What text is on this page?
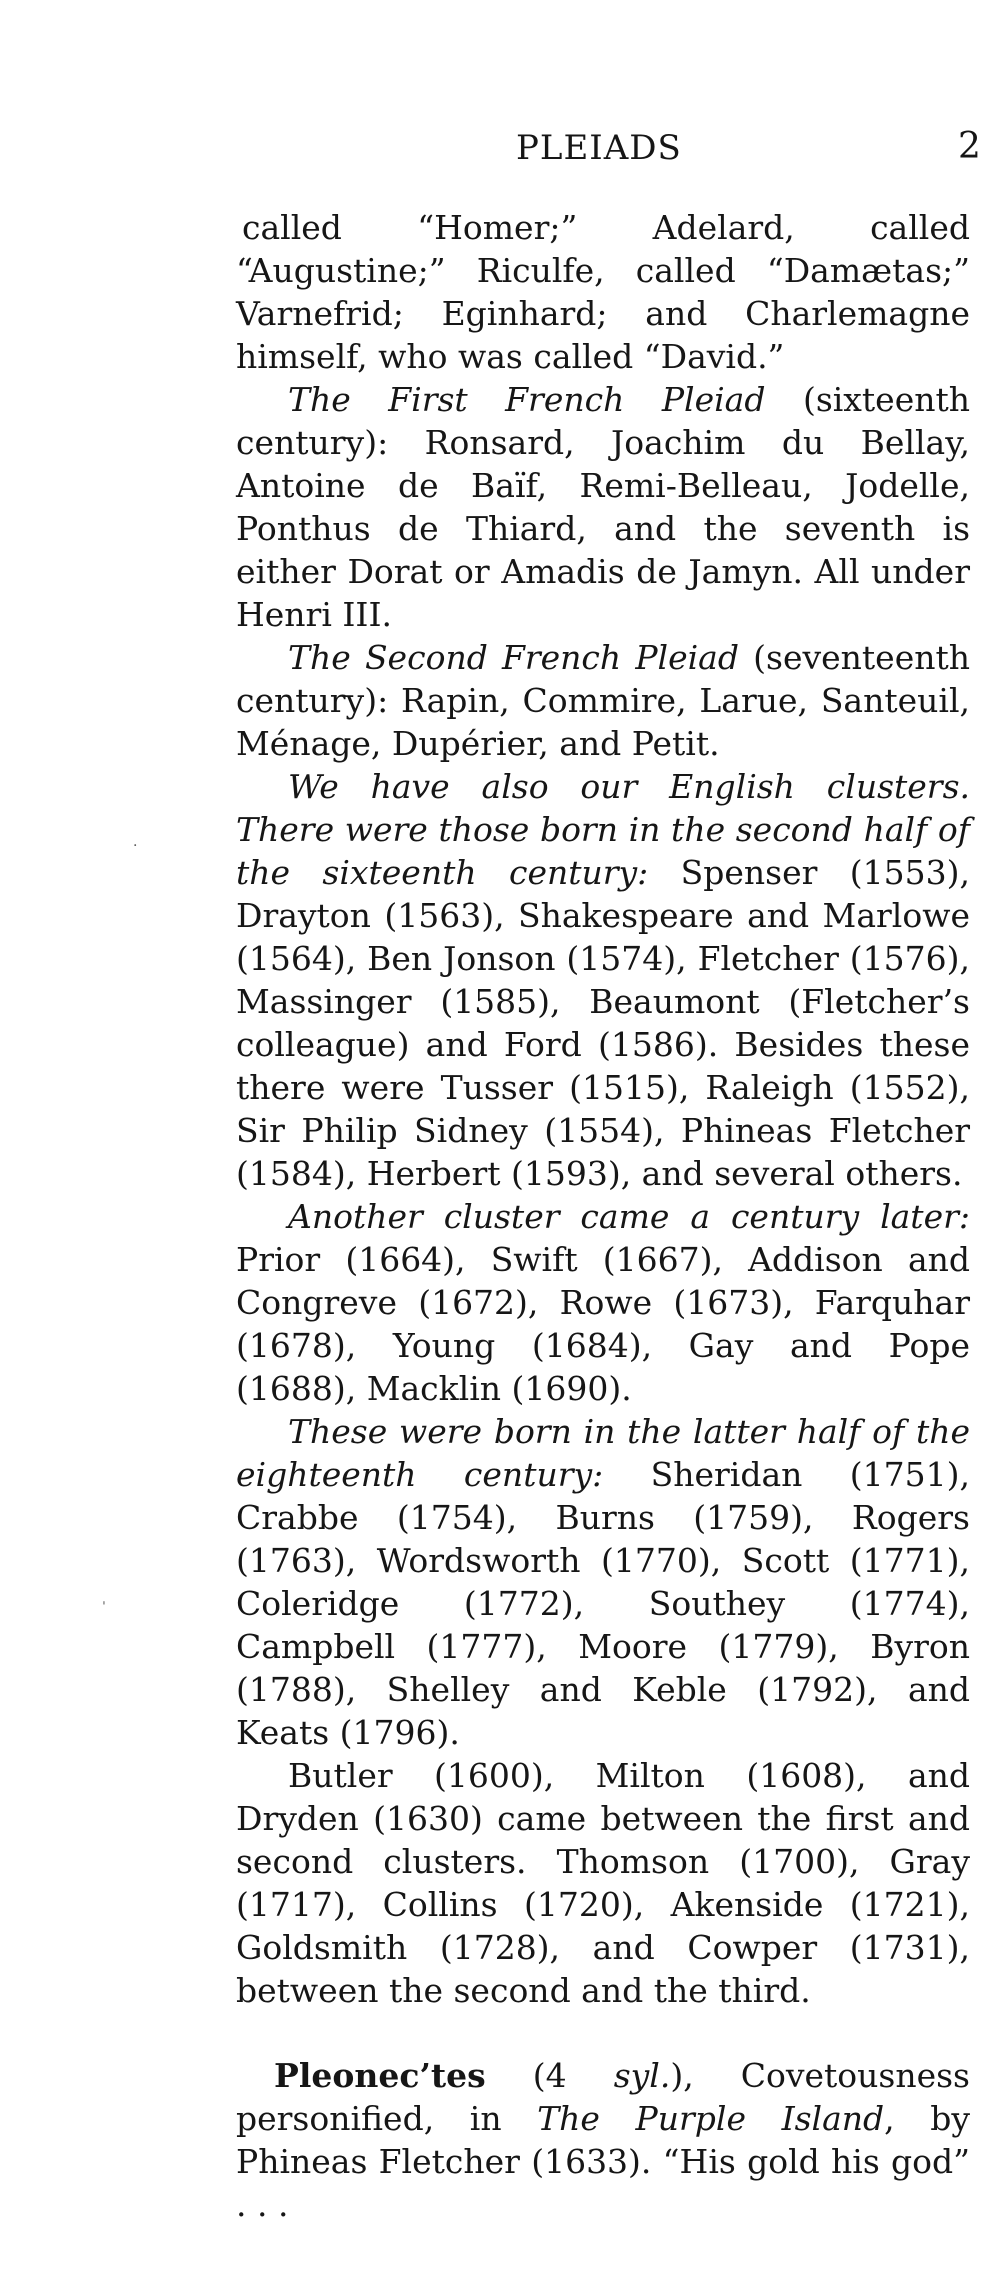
PLEIADS	2

called “Homer;” Adelard, called “Augustine;” Riculfe, called “Damætas;” Varnefrid; Eginhard; and Charlemagne himself, who was called “David.”

The First French Pleiad (sixteenth century): Ronsard, Joachim du Bellay, Antoine de Baïf, Remi-Belleau, Jodelle, Ponthus de Thiard, and the seventh is either Dorat or Amadis de Jamyn. All under Henri III.

The Second French Pleiad (seventeenth century): Rapin, Commire, Larue, Santeuil, Ménage, Dupérier, and Petit.

We have also our English clusters. There were those born in the second half of the sixteenth century: Spenser (1553), Drayton (1563), Shakespeare and Marlowe (1564), Ben Jonson (1574), Fletcher (1576), Massinger (1585), Beaumont (Fletcher’s colleague) and Ford (1586). Besides these there were Tusser (1515), Raleigh (1552), Sir Philip Sidney (1554), Phineas Fletcher (1584), Herbert (1593), and several others.

Another cluster came a century later: Prior (1664), Swift (1667), Addison and Congreve (1672), Rowe (1673), Farquhar (1678), Young (1684), Gay and Pope (1688), Macklin (1690).

These were born in the latter half of the eighteenth century: Sheridan (1751), Crabbe (1754), Burns (1759), Rogers (1763), Wordsworth (1770), Scott (1771), Coleridge (1772), Southey (1774), Campbell (1777), Moore (1779), Byron (1788), Shelley and Keble (1792), and Keats (1796).

Butler (1600), Milton (1608), and Dryden (1630) came between the first and second clusters. Thomson (1700), Gray (1717), Collins (1720), Akenside (1721), Goldsmith (1728), and Cowper (1731), between the second and the third.

Pleonec’tes (4 syl.), Covetousness personified, in The Purple Island, by Phineas Fletcher (1633). “His gold his god” . . .

·
ˈ
